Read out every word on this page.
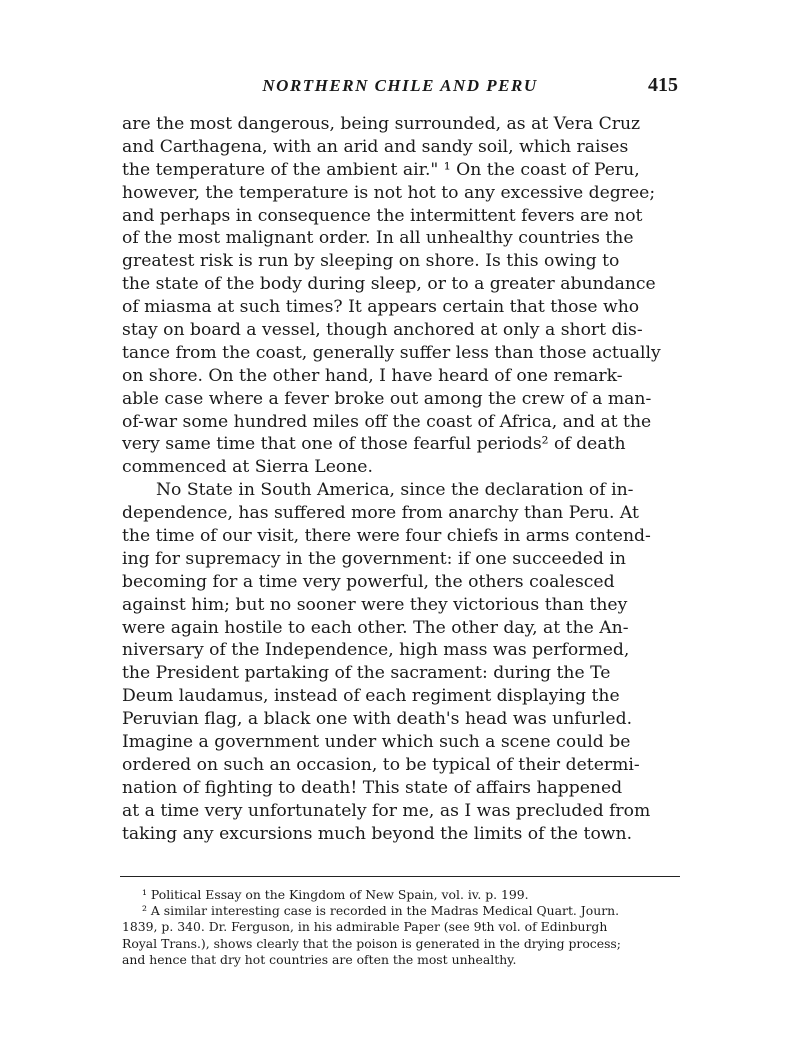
NORTHERN CHILE AND PERU	415
are the most dangerous, being surrounded, as at Vera Cruz
and Carthagena, with an arid and sandy soil, which raises
the temperature of the ambient air." ¹ On the coast of Peru,
however, the temperature is not hot to any excessive degree;
and perhaps in consequence the intermittent fevers are not
of the most malignant order. In all unhealthy countries the
greatest risk is run by sleeping on shore. Is this owing to
the state of the body during sleep, or to a greater abundance
of miasma at such times? It appears certain that those who
stay on board a vessel, though anchored at only a short dis-
tance from the coast, generally suffer less than those actually
on shore. On the other hand, I have heard of one remark-
able case where a fever broke out among the crew of a man-
of-war some hundred miles off the coast of Africa, and at the
very same time that one of those fearful periods² of death
commenced at Sierra Leone.
No State in South America, since the declaration of in-
dependence, has suffered more from anarchy than Peru. At
the time of our visit, there were four chiefs in arms contend-
ing for supremacy in the government: if one succeeded in
becoming for a time very powerful, the others coalesced
against him; but no sooner were they victorious than they
were again hostile to each other. The other day, at the An-
niversary of the Independence, high mass was performed,
the President partaking of the sacrament: during the Te
Deum laudamus, instead of each regiment displaying the
Peruvian flag, a black one with death's head was unfurled.
Imagine a government under which such a scene could be
ordered on such an occasion, to be typical of their determi-
nation of fighting to death! This state of affairs happened
at a time very unfortunately for me, as I was precluded from
taking any excursions much beyond the limits of the town.
¹ Political Essay on the Kingdom of New Spain, vol. iv. p. 199.
² A similar interesting case is recorded in the Madras Medical Quart. Journ.
1839, p. 340. Dr. Ferguson, in his admirable Paper (see 9th vol. of Edinburgh
Royal Trans.), shows clearly that the poison is generated in the drying process;
and hence that dry hot countries are often the most unhealthy.
